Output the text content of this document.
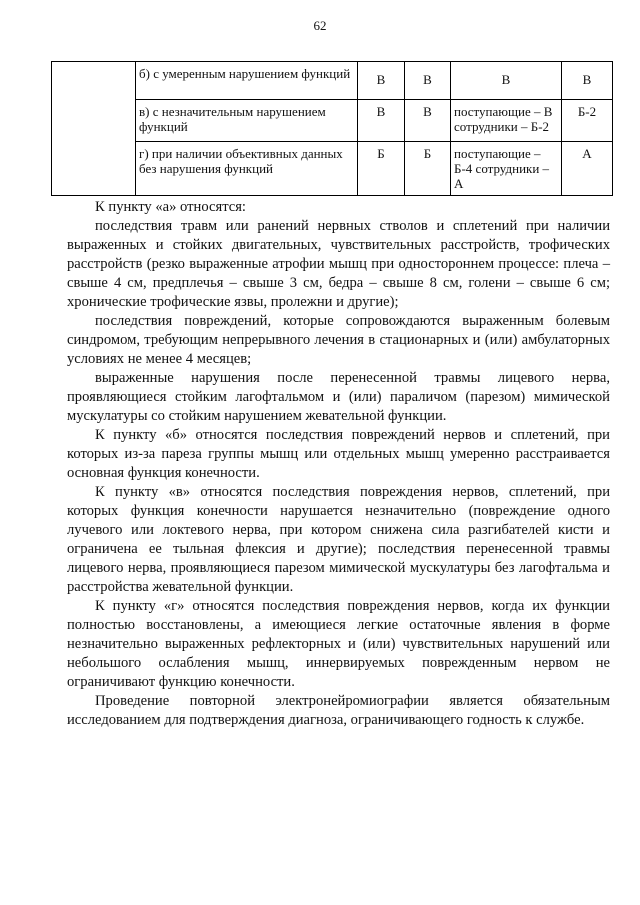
62
	б) с умеренным нарушением функций	В	В	В	В
	в) с незначительным нарушением функций	В	В	поступающие – В сотрудники – Б-2	Б-2
	г) при наличии объективных данных без нарушения функций	Б	Б	поступающие – Б-4 сотрудники – А	А

К пункту «а» относятся:

последствия травм или ранений нервных стволов и сплетений при наличии выраженных и стойких двигательных, чувствительных расстройств, трофических расстройств (резко выраженные атрофии мышц при одностороннем процессе: плеча – свыше 4 см, предплечья – свыше 3 см, бедра – свыше 8 см, голени – свыше 6 см; хронические трофические язвы, пролежни и другие);

последствия повреждений, которые сопровождаются выраженным болевым синдромом, требующим непрерывного лечения в стационарных и (или) амбулаторных условиях не менее 4 месяцев;

выраженные нарушения после перенесенной травмы лицевого нерва, проявляющиеся стойким лагофтальмом и (или) параличом (парезом) мимической мускулатуры со стойким нарушением жевательной функции.

К пункту «б» относятся последствия повреждений нервов и сплетений, при которых из-за пареза группы мышц или отдельных мышц умеренно расстраивается основная функция конечности.

К пункту «в» относятся последствия повреждения нервов, сплетений, при которых функция конечности нарушается незначительно (повреждение одного лучевого или локтевого нерва, при котором снижена сила разгибателей кисти и ограничена ее тыльная флексия и другие); последствия перенесенной травмы лицевого нерва, проявляющиеся парезом мимической мускулатуры без лагофтальма и расстройства жевательной функции.

К пункту «г» относятся последствия повреждения нервов, когда их функции полностью восстановлены, а имеющиеся легкие остаточные явления в форме незначительно выраженных рефлекторных и (или) чувствительных нарушений или небольшого ослабления мышц, иннервируемых поврежденным нервом не ограничивают функцию конечности.

Проведение повторной электронейромиографии является обязательным исследованием для подтверждения диагноза, ограничивающего годность к службе.
